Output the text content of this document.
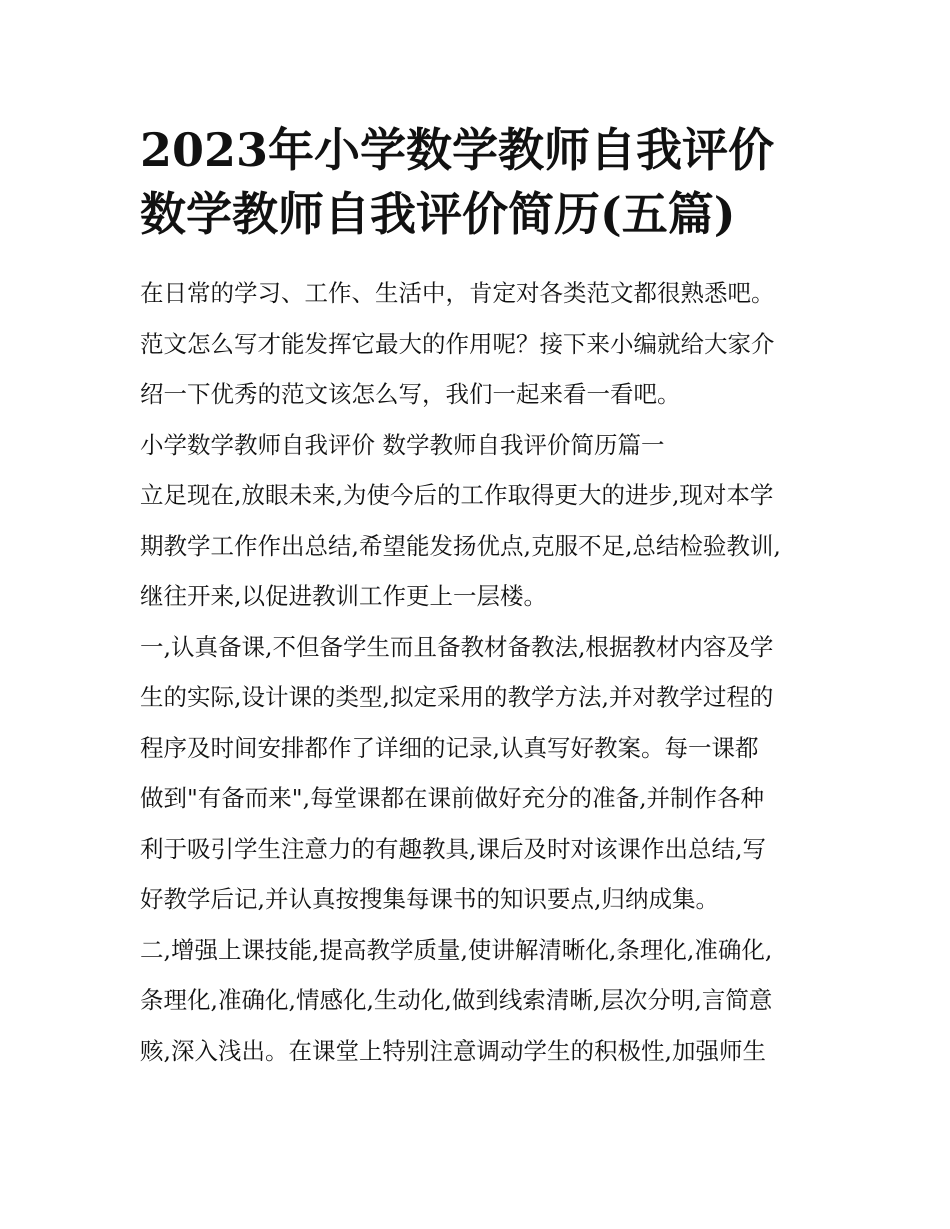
2023年小学数学教师自我评价
数学教师自我评价简历(五篇)
在日常的学习、工作、生活中，肯定对各类范文都很熟悉吧。
范文怎么写才能发挥它最大的作用呢？接下来小编就给大家介
绍一下优秀的范文该怎么写，我们一起来看一看吧。
小学数学教师自我评价 数学教师自我评价简历篇一
立足现在,放眼未来,为使今后的工作取得更大的进步,现对本学
期教学工作作出总结,希望能发扬优点,克服不足,总结检验教训,
继往开来,以促进教训工作更上一层楼。
一,认真备课,不但备学生而且备教材备教法,根据教材内容及学
生的实际,设计课的类型,拟定采用的教学方法,并对教学过程的
程序及时间安排都作了详细的记录,认真写好教案。每一课都
做到"有备而来",每堂课都在课前做好充分的准备,并制作各种
利于吸引学生注意力的有趣教具,课后及时对该课作出总结,写
好教学后记,并认真按搜集每课书的知识要点,归纳成集。
二,增强上课技能,提高教学质量,使讲解清晰化,条理化,准确化,
条理化,准确化,情感化,生动化,做到线索清晰,层次分明,言简意
赅,深入浅出。在课堂上特别注意调动学生的积极性,加强师生
